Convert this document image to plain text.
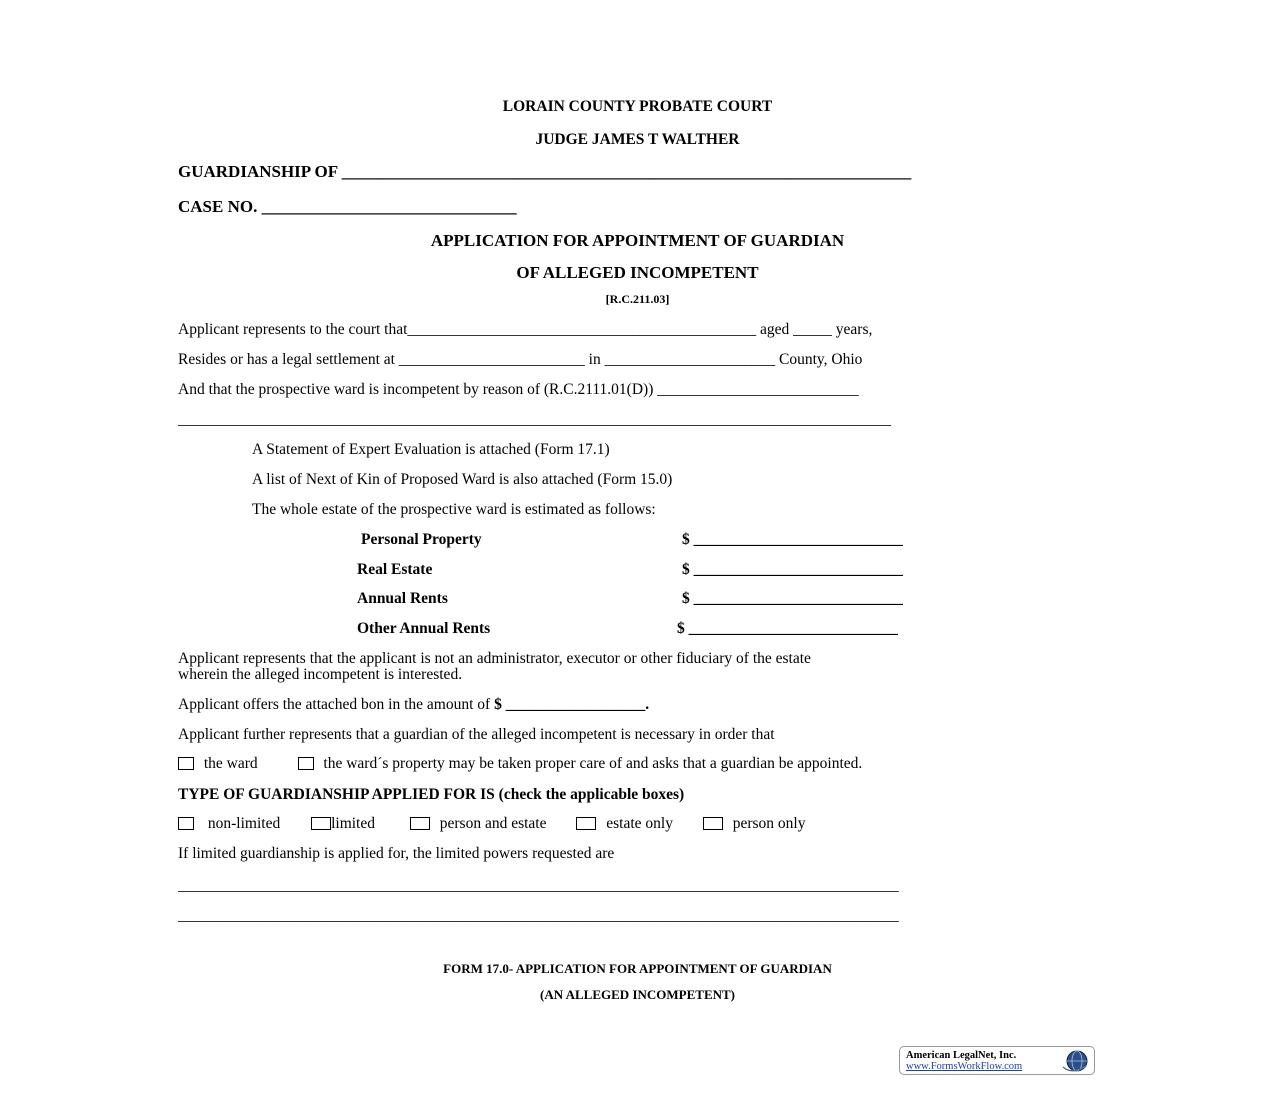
LORAIN COUNTY PROBATE COURT
JUDGE JAMES T WALTHER
GUARDIANSHIP OF ___________________________________________________________________
CASE NO. ______________________________
APPLICATION FOR APPOINTMENT OF GUARDIAN
OF ALLEGED INCOMPETENT
[R.C.211.03]
Applicant represents to the court that_____________________________________________ aged _____ years,
Resides or has a legal settlement at ________________________ in ______________________ County, Ohio
And that the prospective ward is incompetent by reason of (R.C.2111.01(D)) __________________________
____________________________________________________________________________________________
A Statement of Expert Evaluation is attached (Form 17.1)
A list of Next of Kin of Proposed Ward is also attached (Form 15.0)
The whole estate of the prospective ward is estimated as follows:
Personal Property	$ ___________________________
Real Estate	$ ___________________________
Annual Rents	$ ___________________________
Other Annual Rents	$ ___________________________
Applicant represents that the applicant is not an administrator, executor or other fiduciary of the estate
wherein the alleged incompetent is interested.
Applicant offers the attached bon in the amount of $ __________________.
Applicant further represents that a guardian of the alleged incompetent is necessary in order that
the ward	the ward´s property may be taken proper care of and asks that a guardian be appointed.
TYPE OF GUARDIANSHIP APPLIED FOR IS (check the applicable boxes)
non-limited	limited	person and estate	estate only	person only
If limited guardianship is applied for, the limited powers requested are
_____________________________________________________________________________________________
_____________________________________________________________________________________________
FORM 17.0- APPLICATION FOR APPOINTMENT OF GUARDIAN
(AN ALLEGED INCOMPETENT)
American LegalNet, Inc.
www.FormsWorkFlow.com
